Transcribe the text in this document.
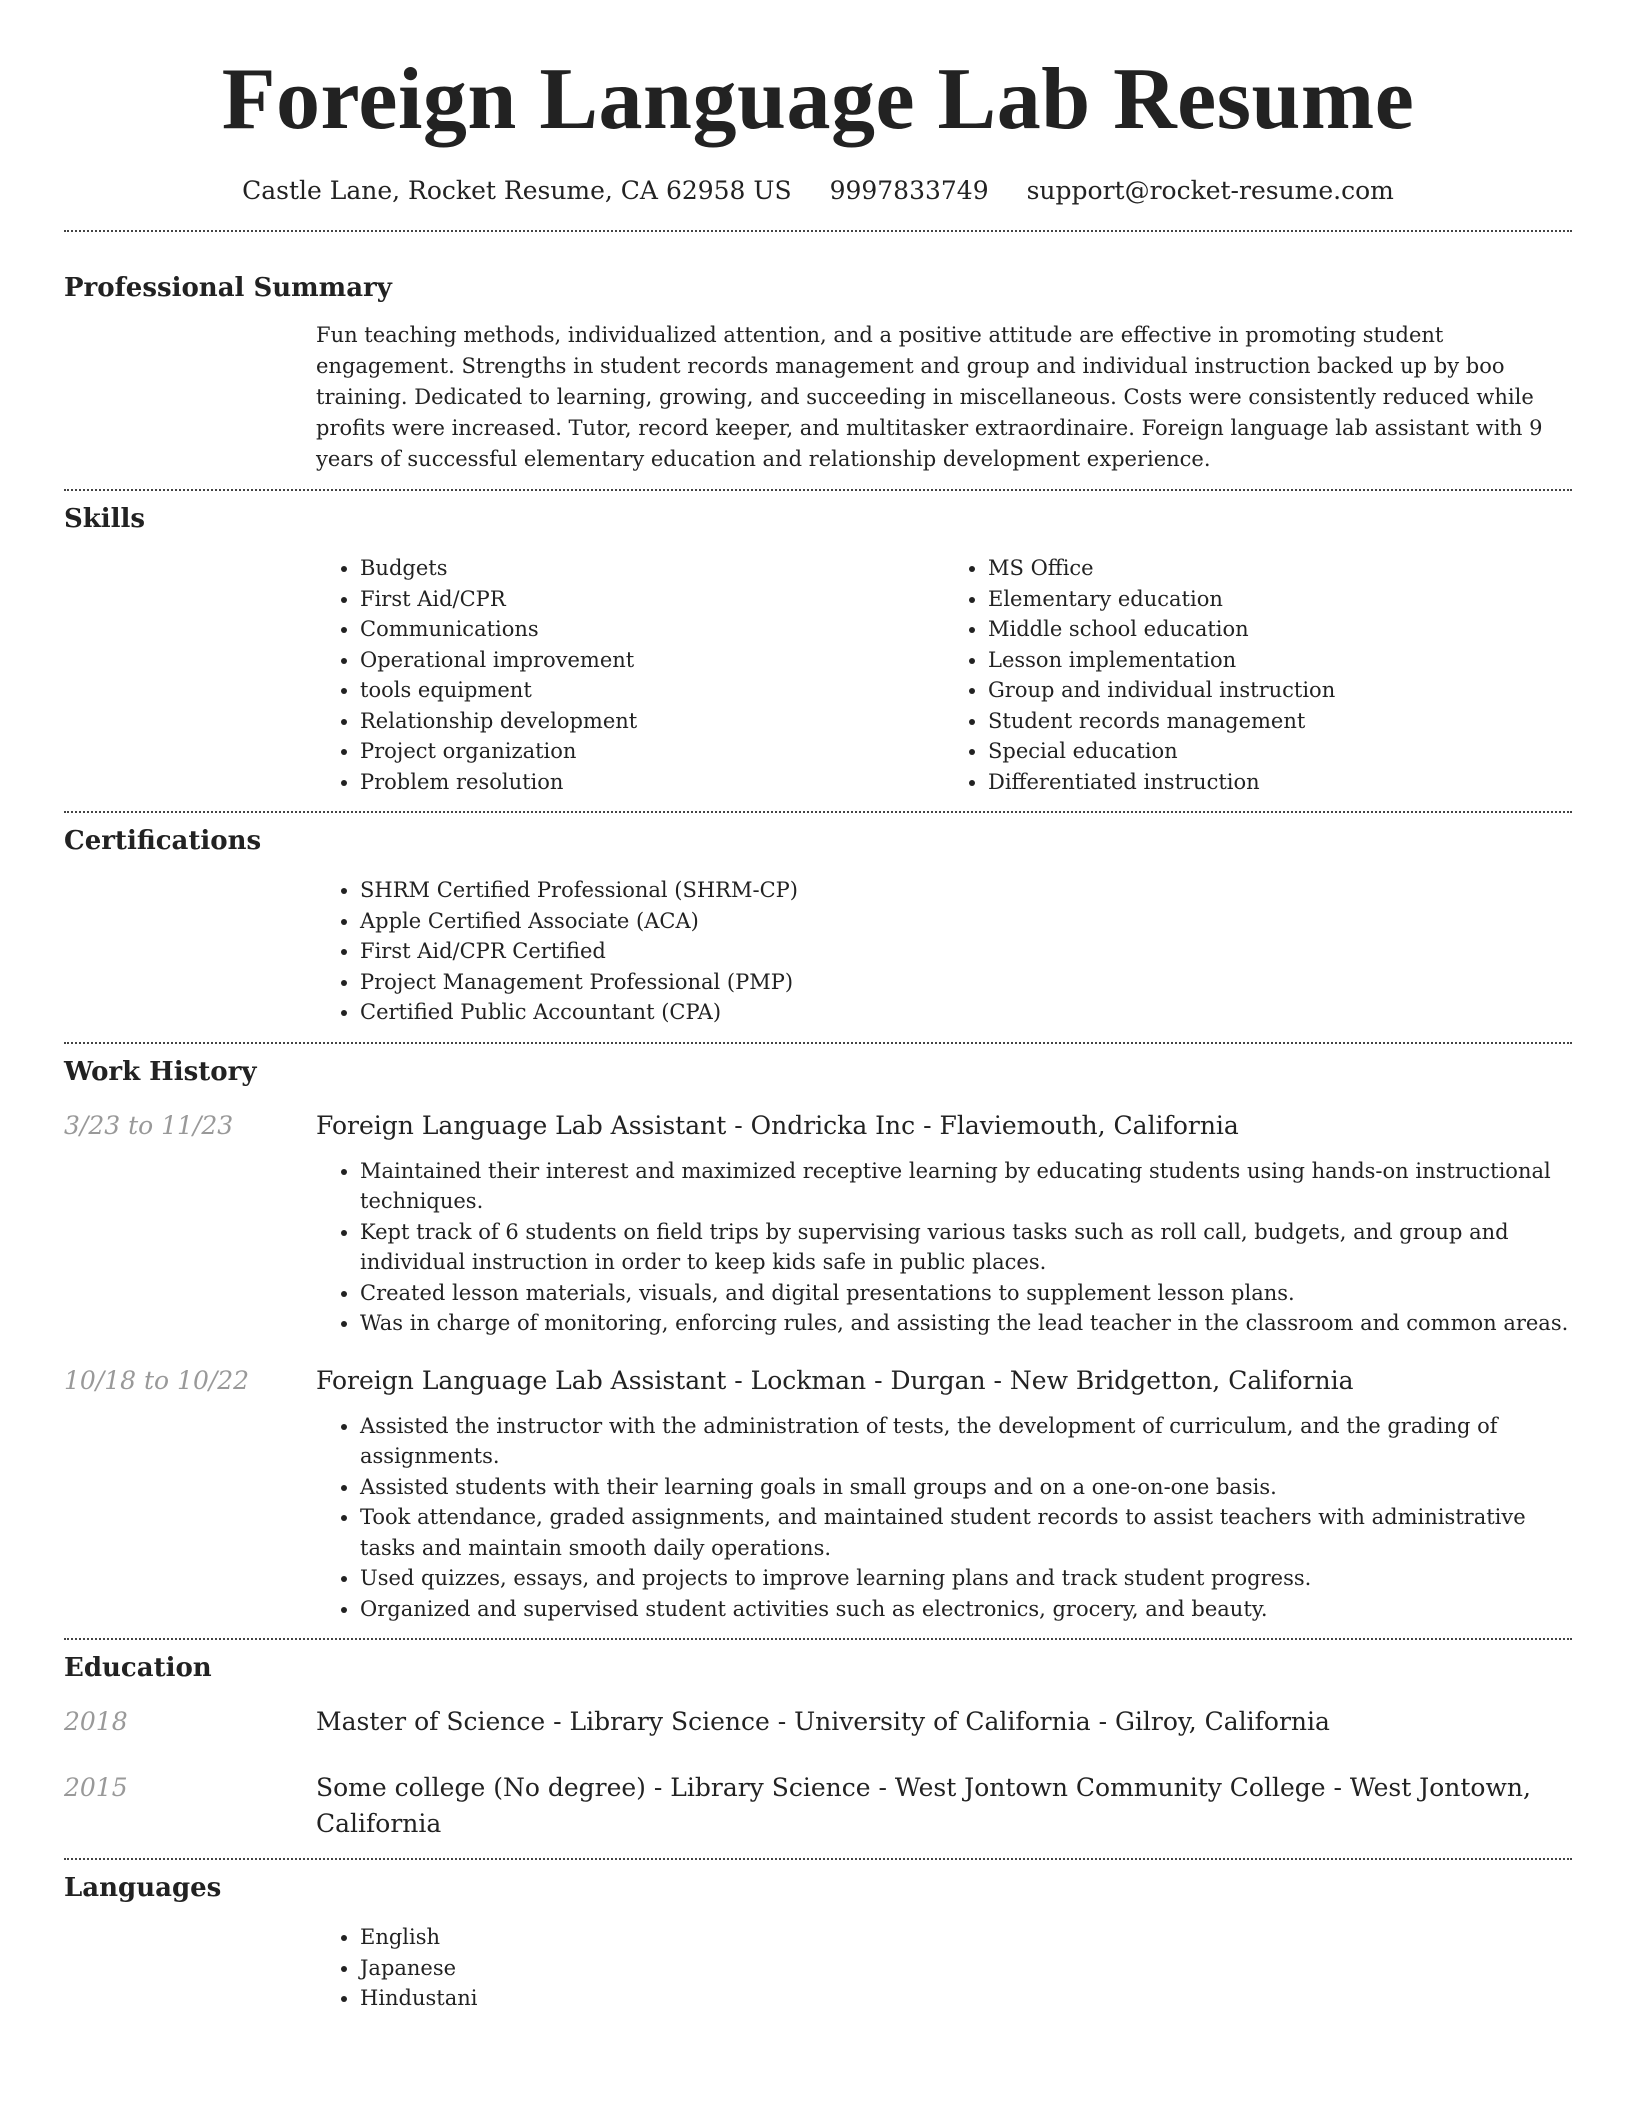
Foreign Language Lab Resume
Castle Lane, Rocket Resume, CA 62958 US 9997833749 support@rocket-resume.com
Professional Summary

Fun teaching methods, individualized attention, and a positive attitude are effective in promoting student engagement. Strengths in student records management and group and individual instruction backed up by boo training. Dedicated to learning, growing, and succeeding in miscellaneous. Costs were consistently reduced while profits were increased. Tutor, record keeper, and multitasker extraordinaire. Foreign language lab assistant with 9 years of successful elementary education and relationship development experience.

Skills
• Budgets
• First Aid/CPR
• Communications
• Operational improvement
• tools equipment
• Relationship development
• Project organization
• Problem resolution
• MS Office
• Elementary education
• Middle school education
• Lesson implementation
• Group and individual instruction
• Student records management
• Special education
• Differentiated instruction
Certifications
• SHRM Certified Professional (SHRM-CP)
• Apple Certified Associate (ACA)
• First Aid/CPR Certified
• Project Management Professional (PMP)
• Certified Public Accountant (CPA)
Work History
3/23 to 11/23	Foreign Language Lab Assistant - Ondricka Inc - Flaviemouth, California
• Maintained their interest and maximized receptive learning by educating students using hands-on instructional techniques.
• Kept track of 6 students on field trips by supervising various tasks such as roll call, budgets, and group and individual instruction in order to keep kids safe in public places.
• Created lesson materials, visuals, and digital presentations to supplement lesson plans.
• Was in charge of monitoring, enforcing rules, and assisting the lead teacher in the classroom and common areas.
10/18 to 10/22	Foreign Language Lab Assistant - Lockman - Durgan - New Bridgetton, California
• Assisted the instructor with the administration of tests, the development of curriculum, and the grading of assignments.
• Assisted students with their learning goals in small groups and on a one-on-one basis.
• Took attendance, graded assignments, and maintained student records to assist teachers with administrative tasks and maintain smooth daily operations.
• Used quizzes, essays, and projects to improve learning plans and track student progress.
• Organized and supervised student activities such as electronics, grocery, and beauty.
Education
2018	Master of Science - Library Science - University of California - Gilroy, California
2015	Some college (No degree) - Library Science - West Jontown Community College - West Jontown, California
Languages
• English
• Japanese
• Hindustani
